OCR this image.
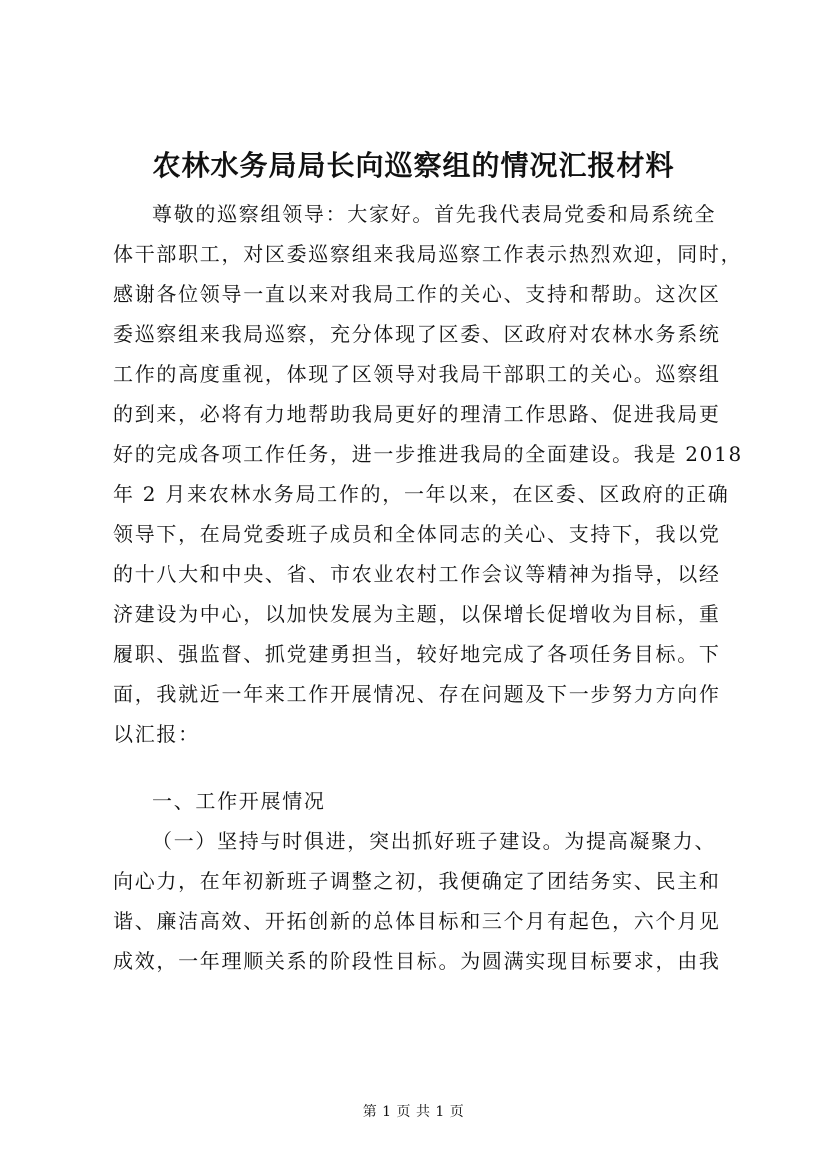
农林水务局局长向巡察组的情况汇报材料
尊敬的巡察组领导：大家好。首先我代表局党委和局系统全
体干部职工，对区委巡察组来我局巡察工作表示热烈欢迎，同时，
感谢各位领导一直以来对我局工作的关心、支持和帮助。这次区
委巡察组来我局巡察，充分体现了区委、区政府对农林水务系统
工作的高度重视，体现了区领导对我局干部职工的关心。巡察组
的到来，必将有力地帮助我局更好的理清工作思路、促进我局更
好的完成各项工作任务，进一步推进我局的全面建设。我是 2018
年 2 月来农林水务局工作的，一年以来，在区委、区政府的正确
领导下，在局党委班子成员和全体同志的关心、支持下，我以党
的十八大和中央、省、市农业农村工作会议等精神为指导，以经
济建设为中心，以加快发展为主题，以保增长促增收为目标，重
履职、强监督、抓党建勇担当，较好地完成了各项任务目标。下
面，我就近一年来工作开展情况、存在问题及下一步努力方向作
以汇报：
一、工作开展情况
（一）坚持与时俱进，突出抓好班子建设。为提高凝聚力、
向心力，在年初新班子调整之初，我便确定了团结务实、民主和
谐、廉洁高效、开拓创新的总体目标和三个月有起色，六个月见
成效，一年理顺关系的阶段性目标。为圆满实现目标要求，由我
第 1 页 共 1 页
